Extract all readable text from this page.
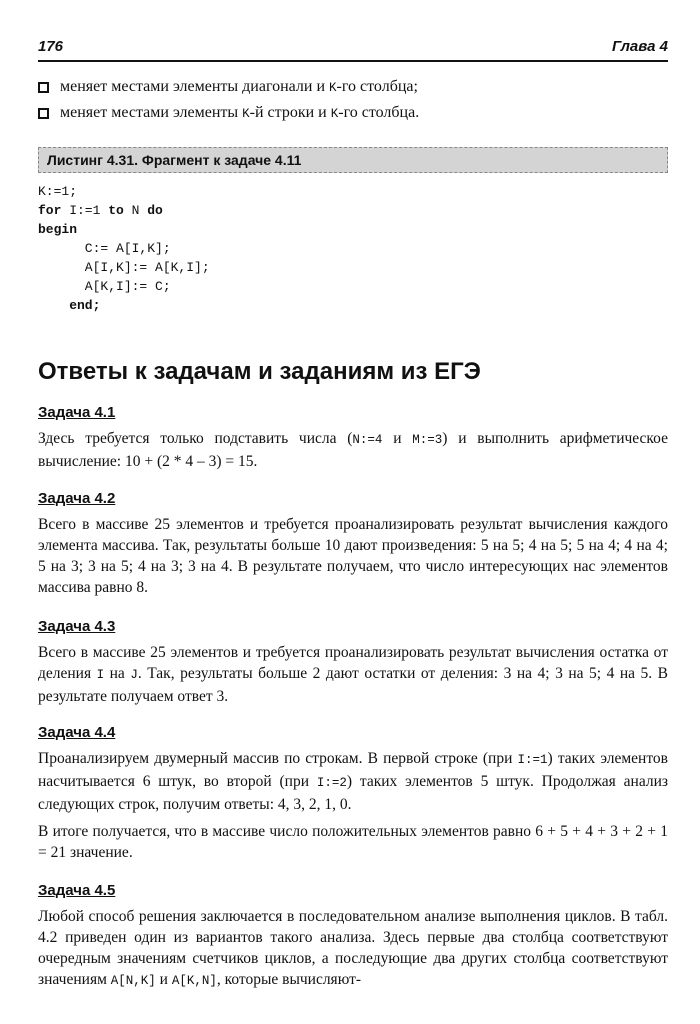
176	Глава 4
меняет местами элементы диагонали и K-го столбца;
меняет местами элементы K-й строки и K-го столбца.
Листинг 4.31. Фрагмент к задаче 4.11
K:=1;
for I:=1 to N do
begin
C:= A[I,K];
A[I,K]:= A[K,I];
A[K,I]:= C;
end;
Ответы к задачам и заданиям из ЕГЭ
Задача 4.1
Здесь требуется только подставить числа (N:=4 и M:=3) и выполнить арифметическое вычисление: 10 + (2 * 4 – 3) = 15.
Задача 4.2
Всего в массиве 25 элементов и требуется проанализировать результат вычисления каждого элемента массива. Так, результаты больше 10 дают произведения: 5 на 5; 4 на 5; 5 на 4; 4 на 4; 5 на 3; 3 на 5; 4 на 3; 3 на 4. В результате получаем, что число интересующих нас элементов массива равно 8.
Задача 4.3
Всего в массиве 25 элементов и требуется проанализировать результат вычисления остатка от деления I на J. Так, результаты больше 2 дают остатки от деления: 3 на 4; 3 на 5; 4 на 5. В результате получаем ответ 3.
Задача 4.4
Проанализируем двумерный массив по строкам. В первой строке (при I:=1) таких элементов насчитывается 6 штук, во второй (при I:=2) таких элементов 5 штук. Продолжая анализ следующих строк, получим ответы: 4, 3, 2, 1, 0.
В итоге получается, что в массиве число положительных элементов равно 6 + 5 + 4 + 3 + 2 + 1 = 21 значение.
Задача 4.5
Любой способ решения заключается в последовательном анализе выполнения циклов. В табл. 4.2 приведен один из вариантов такого анализа. Здесь первые два столбца соответствуют очередным значениям счетчиков циклов, а последующие два других столбца соответствуют значениям A[N,K] и A[K,N], которые вычисляют-
